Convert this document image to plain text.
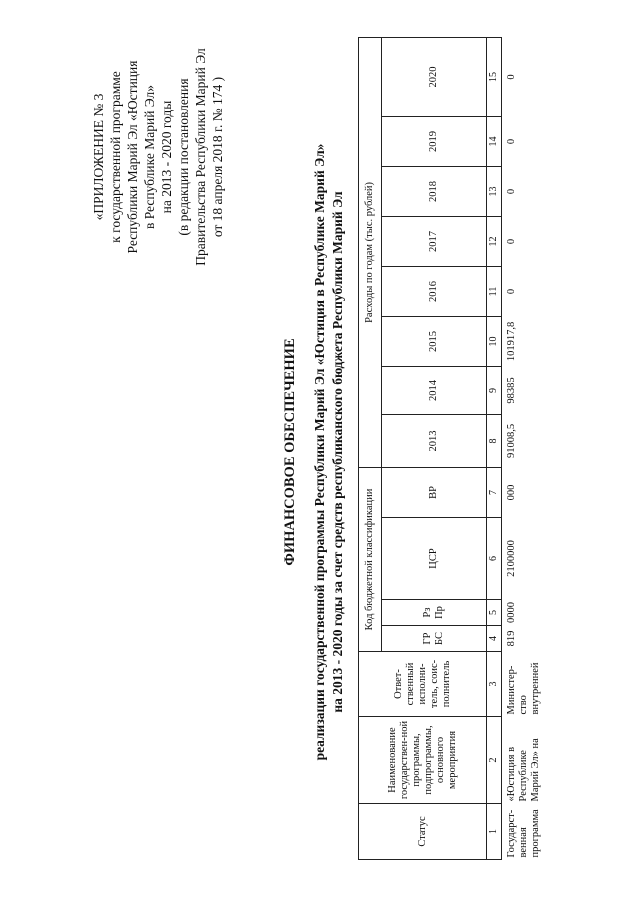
«ПРИЛОЖЕНИЕ № 3 к государственной программе Республики Марий Эл «Юстиция в Республике Марий Эл» на 2013 - 2020 годы (в редакции постановления Правительства Республики Марий Эл от 18 апреля 2018 г. № 174 )
ФИНАНСОВОЕ ОБЕСПЕЧЕНИЕ реализации государственной программы Республики Марий Эл «Юстиция в Республике Марий Эл» на 2013 - 2020 годы за счет средств республиканского бюджета Республики Марий Эл
Статус	Наименование государствен-ной программы, подпрограммы, основного мероприятия	Ответ-ственный исполни-тель, соис-полнитель	Код бюджетной классификации				Расходы по годам (тыс. рублей)							
			ГР БС	Рз Пр	ЦСР	ВР	2013	2014	2015	2016	2017	2018	2019	2020
1	2	3	4	5	6	7	8	9	10	11	12	13	14	15
Государст-венная программа	«Юстиция в Республике Марий Эл» на	Министер-ство внутренней	819	0000	2100000	000	91008,5	98385	101917,8	0	0	0	0	0
